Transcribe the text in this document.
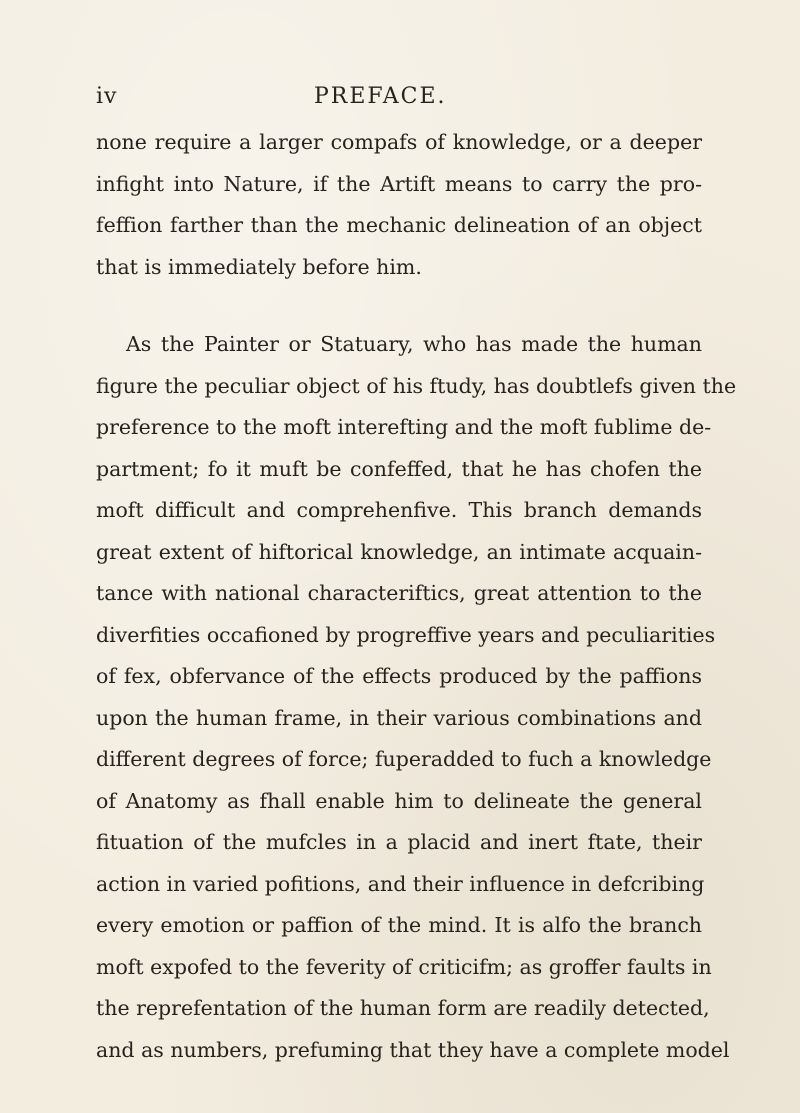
iv	PREFACE.
none require a larger compafs of knowledge, or a deeper
infight into Nature, if the Artift means to carry the pro-
feffion farther than the mechanic delineation of an object
that is immediately before him.
As the Painter or Statuary, who has made the human
figure the peculiar object of his ftudy, has doubtlefs given the
preference to the moft interefting and the moft fublime de-
partment; fo it muft be confeffed, that he has chofen the
moft difficult and comprehenfive. This branch demands
great extent of hiftorical knowledge, an intimate acquain-
tance with national characteriftics, great attention to the
diverfities occafioned by progreffive years and peculiarities
of fex, obfervance of the effects produced by the paffions
upon the human frame, in their various combinations and
different degrees of force; fuperadded to fuch a knowledge
of Anatomy as fhall enable him to delineate the general
fituation of the mufcles in a placid and inert ftate, their
action in varied pofitions, and their influence in defcribing
every emotion or paffion of the mind. It is alfo the branch
moft expofed to the feverity of criticifm; as groffer faults in
the reprefentation of the human form are readily detected,
and as numbers, prefuming that they have a complete model
